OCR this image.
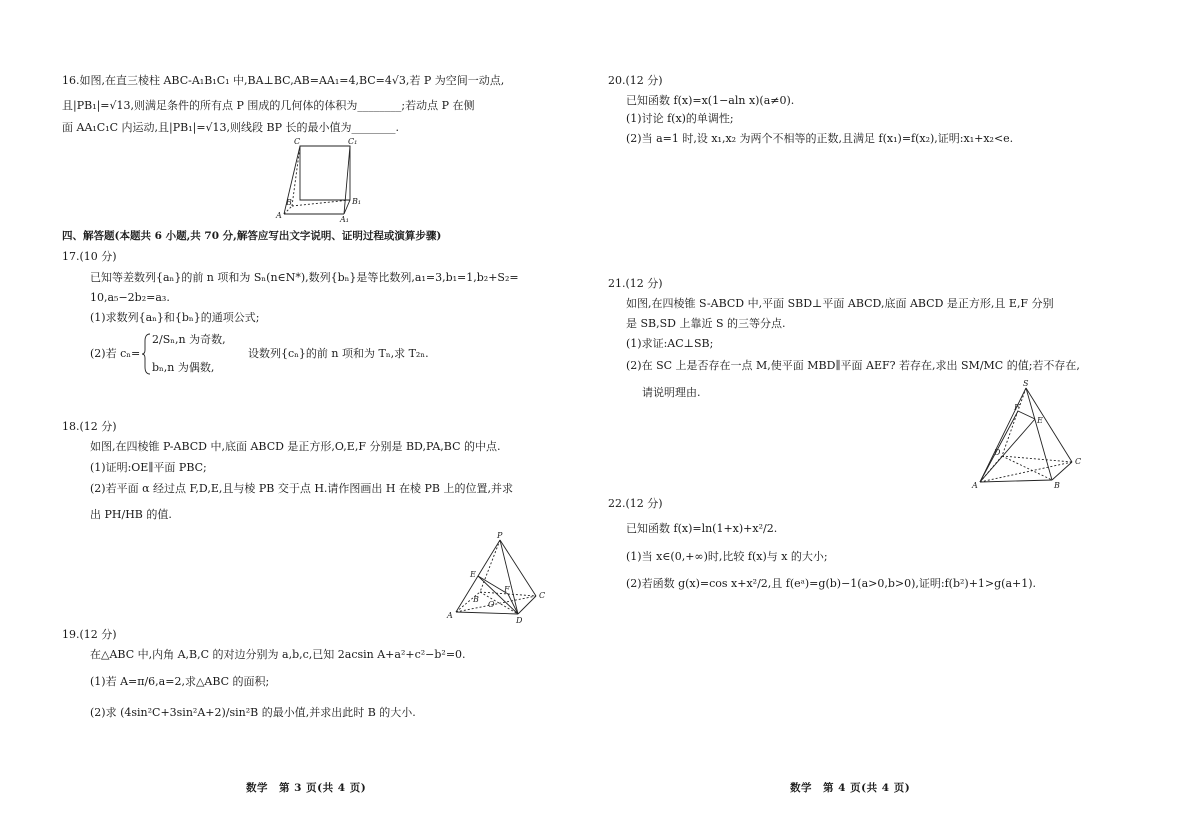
16.如图,在直三棱柱 ABC-A₁B₁C₁ 中,BA⊥BC,AB=AA₁=4,BC=4√3,若 P 为空间一动点,
且|PB₁|=√13,则满足条件的所有点 P 围成的几何体的体积为________;若动点 P 在侧
面 AA₁C₁C 内运动,且|PB₁|=√13,则线段 BP 长的最小值为________.
C	C₁
B	B₁
A	A₁
四、解答题(本题共 6 小题,共 70 分,解答应写出文字说明、证明过程或演算步骤)
17.(10 分)
已知等差数列{aₙ}的前 n 项和为 Sₙ(n∈N*),数列{bₙ}是等比数列,a₁=3,b₁=1,b₂+S₂=
10,a₅−2b₂=a₃.
(1)求数列{aₙ}和{bₙ}的通项公式;
(2)若 cₙ=
2/Sₙ,n 为奇数,
bₙ,n 为偶数,
设数列{cₙ}的前 n 项和为 Tₙ,求 T₂ₙ.
18.(12 分)
如图,在四棱锥 P-ABCD 中,底面 ABCD 是正方形,O,E,F 分别是 BD,PA,BC 的中点.
(1)证明:OE∥平面 PBC;
(2)若平面 α 经过点 F,D,E,且与棱 PB 交于点 H.请作图画出 H 在棱 PB 上的位置,并求
出 PH/HB 的值.
P
E
B
O
F
C
A
D
19.(12 分)
在△ABC 中,内角 A,B,C 的对边分别为 a,b,c,已知 2acsin A+a²+c²−b²=0.
(1)若 A=π/6,a=2,求△ABC 的面积;
(2)求 (4sin²C+3sin²A+2)/sin²B 的最小值,并求出此时 B 的大小.
数学　第 3 页(共 4 页)
20.(12 分)
已知函数 f(x)=x(1−aln x)(a≠0).
(1)讨论 f(x)的单调性;
(2)当 a=1 时,设 x₁,x₂ 为两个不相等的正数,且满足 f(x₁)=f(x₂),证明:x₁+x₂<e.
21.(12 分)
如图,在四棱锥 S-ABCD 中,平面 SBD⊥平面 ABCD,底面 ABCD 是正方形,且 E,F 分别
是 SB,SD 上靠近 S 的三等分点.
(1)求证:AC⊥SB;
(2)在 SC 上是否存在一点 M,使平面 MBD∥平面 AEF? 若存在,求出 SM/MC 的值;若不存在,
请说明理由.
S
F
E
D
C
A	B
22.(12 分)
已知函数 f(x)=ln(1+x)+x²/2.
(1)当 x∈(0,+∞)时,比较 f(x)与 x 的大小;
(2)若函数 g(x)=cos x+x²/2,且 f(eᵃ)=g(b)−1(a>0,b>0),证明:f(b²)+1>g(a+1).
数学　第 4 页(共 4 页)
